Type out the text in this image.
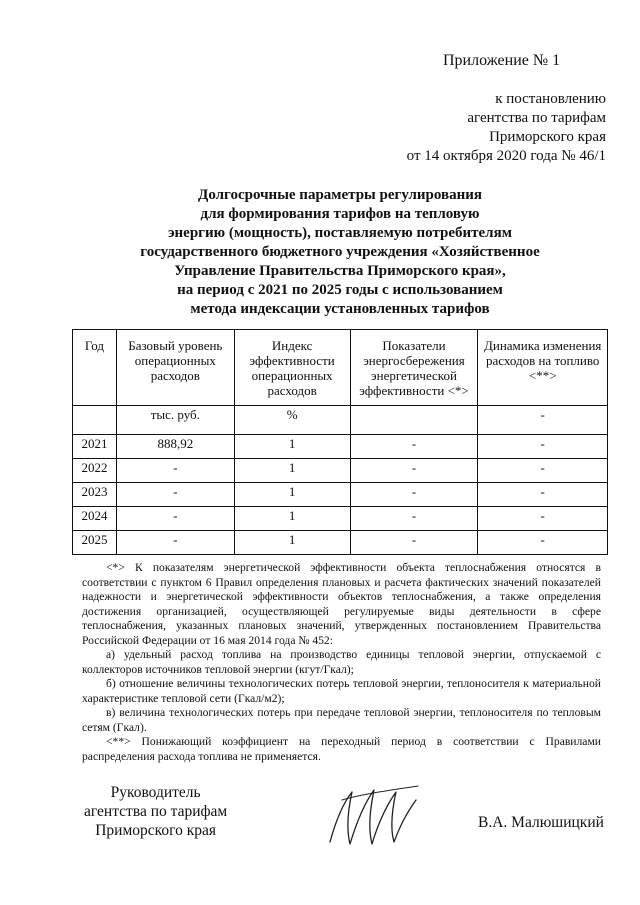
Приложение № 1
к постановлению
агентства по тарифам
Приморского края
от 14 октября 2020 года № 46/1
Долгосрочные параметры регулирования
для формирования тарифов на тепловую
энергию (мощность), поставляемую потребителям
государственного бюджетного учреждения «Хозяйственное
Управление Правительства Приморского края»,
на период с 2021 по 2025 годы с использованием
метода индексации установленных тарифов
Год	Базовый уровень операционных расходов	Индекс эффективности операционных расходов	Показатели энергосбережения энергетической эффективности <*>	Динамика изменения расходов на топливо <**>
	тыс. руб.	%		-
2021	888,92	1	-	-
2022	-	1	-	-
2023	-	1	-	-
2024	-	1	-	-
2025	-	1	-	-

<*> К показателям энергетической эффективности объекта теплоснабжения относятся в соответствии с пунктом 6 Правил определения плановых и расчета фактических значений показателей надежности и энергетической эффективности объектов теплоснабжения, а также определения достижения организацией, осуществляющей регулируемые виды деятельности в сфере теплоснабжения, указанных плановых значений, утвержденных постановлением Правительства Российской Федерации от 16 мая 2014 года № 452:

а) удельный расход топлива на производство единицы тепловой энергии, отпускаемой с коллекторов источников тепловой энергии (кгут/Гкал);

б) отношение величины технологических потерь тепловой энергии, теплоносителя к материальной характеристике тепловой сети (Гкал/м2);

в) величина технологических потерь при передаче тепловой энергии, теплоносителя по тепловым сетям (Гкал).

<**> Понижающий коэффициент на переходный период в соответствии с Правилами распределения расхода топлива не применяется.

Руководитель
агентства по тарифам
Приморского края	В.А. Малюшицкий
